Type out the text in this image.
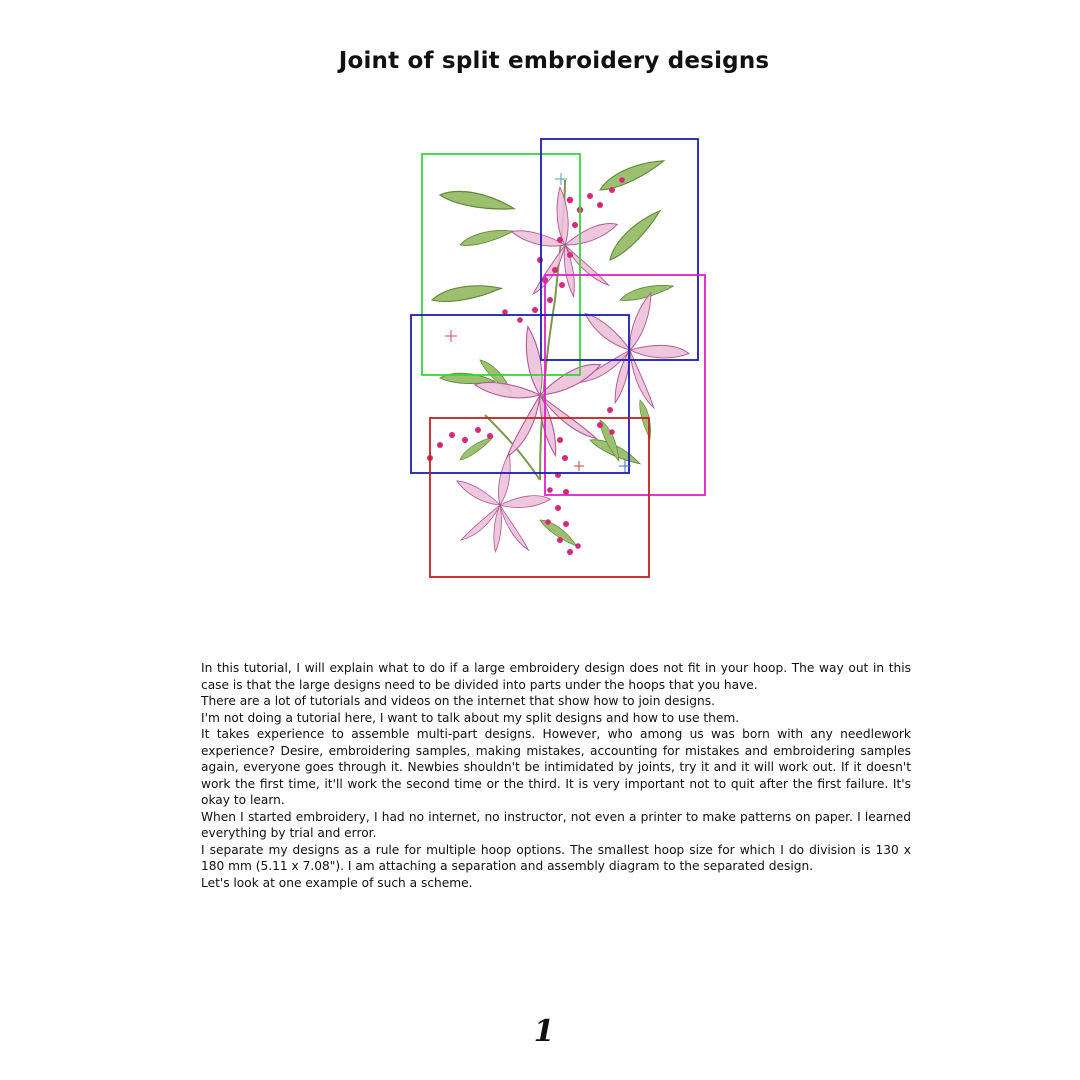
Joint of split embroidery designs

In this tutorial, I will explain what to do if a large embroidery design does not fit in your hoop. The way out in this case is that the large designs need to be divided into parts under the hoops that you have.

There are a lot of tutorials and videos on the internet that show how to join designs.

I'm not doing a tutorial here, I want to talk about my split designs and how to use them.

It takes experience to assemble multi-part designs. However, who among us was born with any needlework experience? Desire, embroidering samples, making mistakes, accounting for mistakes and embroidering samples again, everyone goes through it. Newbies shouldn't be intimidated by joints, try it and it will work out. If it doesn't work the first time, it'll work the second time or the third. It is very important not to quit after the first failure. It's okay to learn.

When I started embroidery, I had no internet, no instructor, not even a printer to make patterns on paper. I learned everything by trial and error.

I separate my designs as a rule for multiple hoop options. The smallest hoop size for which I do division is 130 x 180 mm (5.11 x 7.08"). I am attaching a separation and assembly diagram to the separated design.

Let's look at one example of such a scheme.

1
